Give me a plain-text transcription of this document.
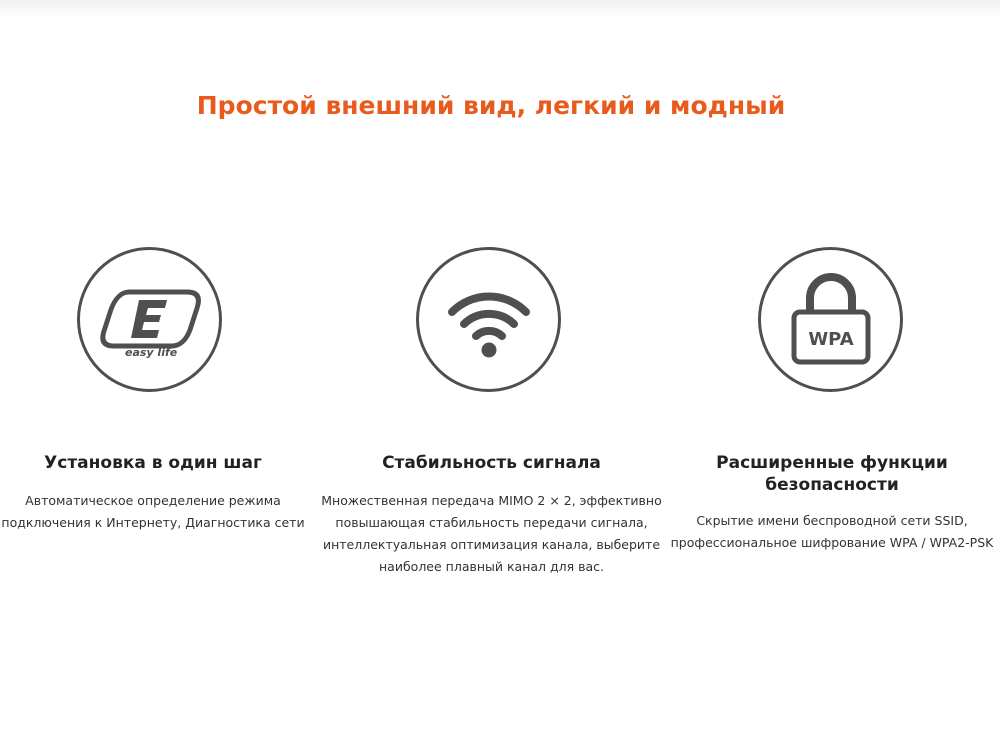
Простой внешний вид, легкий и модный
easy life
Установка в один шаг
Автоматическое определение режима подключения к Интернету, Диагностика сети
Стабильность сигнала
Множественная передача MIMO 2 × 2, эффективно повышающая стабильность передачи сигнала, интеллектуальная оптимизация канала, выберите наиболее плавный канал для вас.
WPA
Расширенные функции безопасности
Скрытие имени беспроводной сети SSID, профессиональное шифрование WPA / WPA2-PSK
